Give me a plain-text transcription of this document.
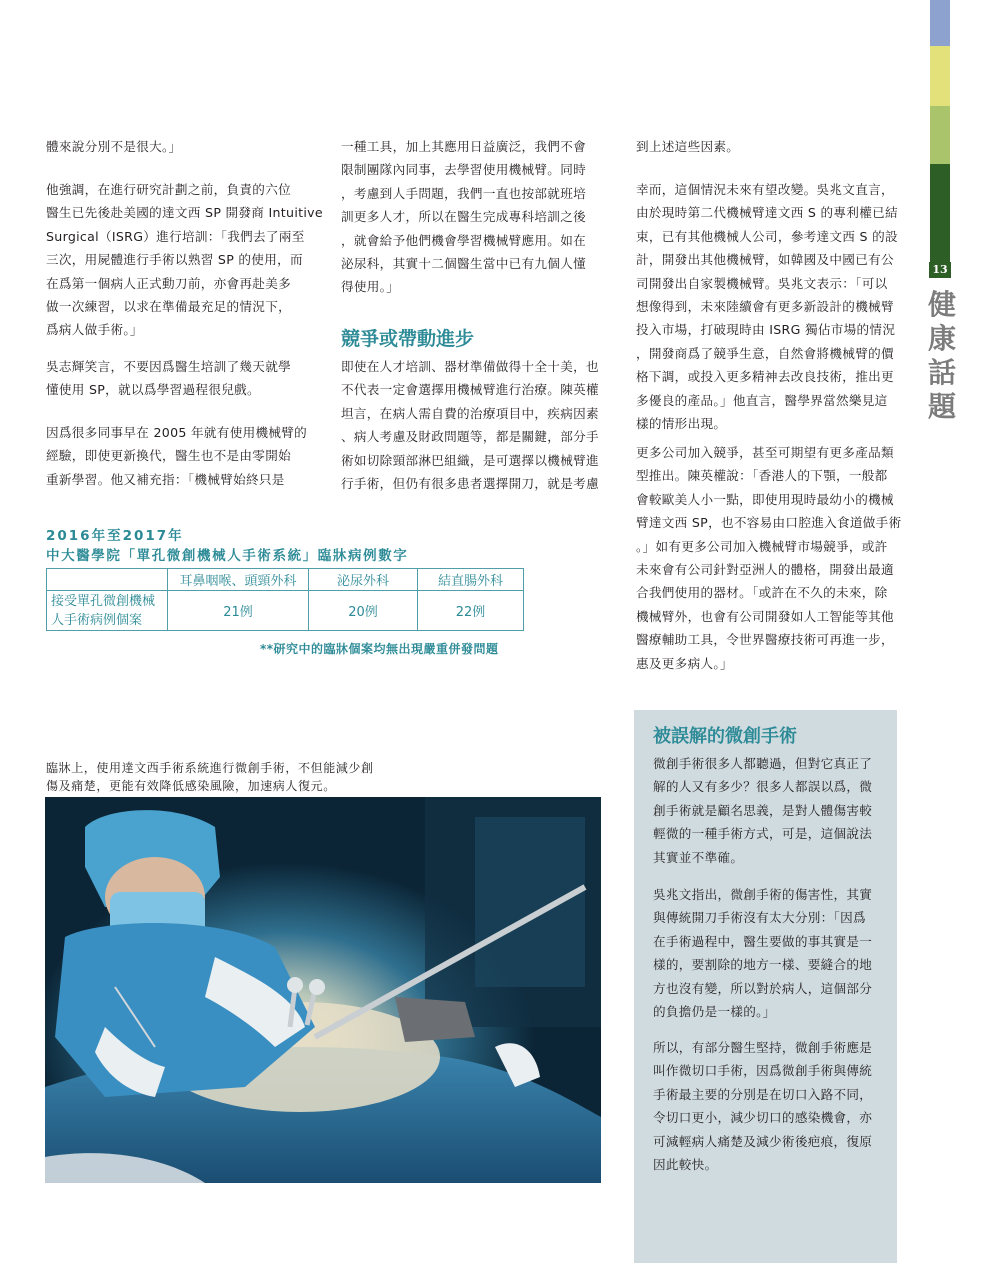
13
健康話題
體來說分別不是很大。」
他強調，在進行研究計劃之前，負責的六位
醫生已先後赴美國的達文西 SP 開發商 Intuitive
Surgical（ISRG）進行培訓：「我們去了兩至
三次，用屍體進行手術以熟習 SP 的使用，而
在爲第一個病人正式動刀前，亦會再赴美多
做一次練習，以求在準備最充足的情況下，
爲病人做手術。」
吳志輝笑言，不要因爲醫生培訓了幾天就學
懂使用 SP，就以爲學習過程很兒戲。
因爲很多同事早在 2005 年就有使用機械臂的
經驗，即使更新換代，醫生也不是由零開始
重新學習。他又補充指：「機械臂始終只是
一種工具，加上其應用日益廣泛，我們不會
限制團隊內同事，去學習使用機械臂。同時
，考慮到人手問題，我們一直也按部就班培
訓更多人才，所以在醫生完成專科培訓之後
，就會給予他們機會學習機械臂應用。如在
泌尿科，其實十二個醫生當中已有九個人懂
得使用。」
競爭或帶動進步
即使在人才培訓、器材準備做得十全十美，也
不代表一定會選擇用機械臂進行治療。陳英權
坦言，在病人需自費的治療項目中，疾病因素
、病人考慮及財政問題等，都是關鍵，部分手
術如切除頸部淋巴組織，是可選擇以機械臂進
行手術，但仍有很多患者選擇開刀，就是考慮
到上述這些因素。
幸而，這個情況未來有望改變。吳兆文直言，
由於現時第二代機械臂達文西 S 的專利權已結
束，已有其他機械人公司，參考達文西 S 的設
計，開發出其他機械臂，如韓國及中國已有公
司開發出自家製機械臂。吳兆文表示：「可以
想像得到，未來陸續會有更多新設計的機械臂
投入市場，打破現時由 ISRG 獨佔市場的情況
，開發商爲了競爭生意，自然會將機械臂的價
格下調，或投入更多精神去改良技術，推出更
多優良的產品。」他直言，醫學界當然樂見這
樣的情形出現。
更多公司加入競爭，甚至可期望有更多產品類
型推出。陳英權說：「香港人的下顎，一般都
會較歐美人小一點，即使用現時最幼小的機械
臂達文西 SP，也不容易由口腔進入食道做手術
。」如有更多公司加入機械臂市場競爭，或許
未來會有公司針對亞洲人的體格，開發出最適
合我們使用的器材。「或許在不久的未來，除
機械臂外，也會有公司開發如人工智能等其他
醫療輔助工具，令世界醫療技術可再進一步，
惠及更多病人。」
2016年至2017年
中大醫學院「單孔微創機械人手術系統」臨牀病例數字
	耳鼻咽喉、頭頸外科	泌尿外科	結直腸外科

接受單孔微創機械
人手術病例個案	21例	20例	22例
**研究中的臨牀個案均無出現嚴重併發問題
臨牀上，使用達文西手術系統進行微創手術，不但能減少創
傷及痛楚，更能有效降低感染風險，加速病人復元。
被誤解的微創手術
微創手術很多人都聽過，但對它真正了
解的人又有多少？很多人都誤以爲，微
創手術就是顧名思義，是對人體傷害較
輕微的一種手術方式，可是，這個說法
其實並不準確。
吳兆文指出，微創手術的傷害性，其實
與傳統開刀手術沒有太大分別：「因爲
在手術過程中，醫生要做的事其實是一
樣的，要割除的地方一樣、要縫合的地
方也沒有變，所以對於病人，這個部分
的負擔仍是一樣的。」
所以，有部分醫生堅持，微創手術應是
叫作微切口手術，因爲微創手術與傳統
手術最主要的分別是在切口入路不同，
令切口更小，減少切口的感染機會，亦
可減輕病人痛楚及減少術後疤痕，復原
因此較快。
